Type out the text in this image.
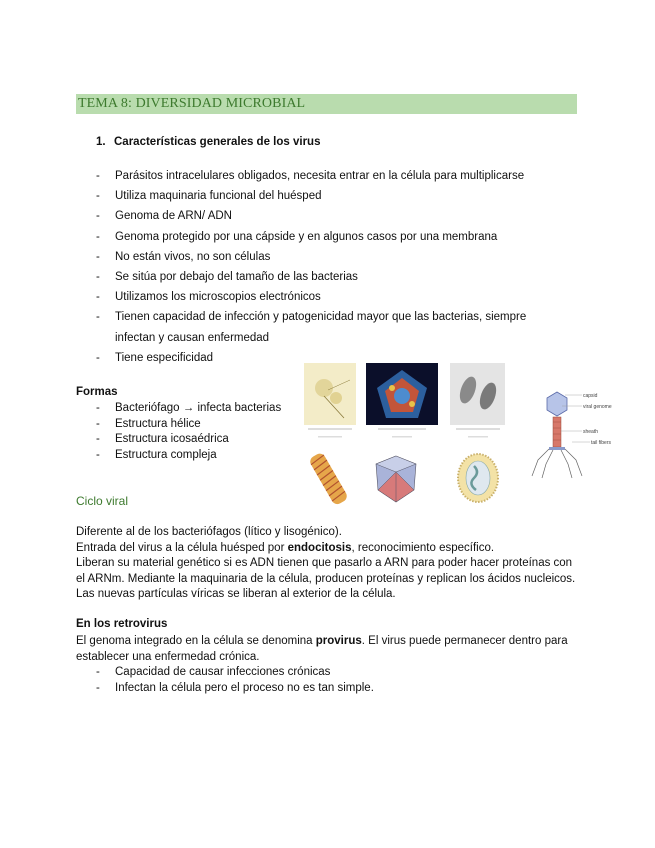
TEMA 8: DIVERSIDAD MICROBIAL
1. Características generales de los virus
- Parásitos intracelulares obligados, necesita entrar en la célula para multiplicarse
- Utiliza maquinaria funcional del huésped
- Genoma de ARN/ ADN
- Genoma protegido por una cápside y en algunos casos por una membrana
- No están vivos, no son células
- Se sitúa por debajo del tamaño de las bacterias
- Utilizamos los microscopios electrónicos
- Tienen capacidad de infección y patogenicidad mayor que las bacterias, siempre infectan y causan enfermedad
- Tiene especificidad
Formas
- Bacteriófago → infecta bacterias
- Estructura hélice
- Estructura icosaédrica
- Estructura compleja
capsid
viral genome
sheath
tail fibers
Ciclo viral
Diferente al de los bacteriófagos (lítico y lisogénico).
Entrada del virus a la célula huésped por endocitosis, reconocimiento específico.
Liberan su material genético si es ADN tienen que pasarlo a ARN para poder hacer proteínas con el ARNm. Mediante la maquinaria de la célula, producen proteínas y replican los ácidos nucleicos. Las nuevas partículas víricas se liberan al exterior de la célula.
En los retrovirus
El genoma integrado en la célula se denomina provirus. El virus puede permanecer dentro para establecer una enfermedad crónica.
- Capacidad de causar infecciones crónicas
- Infectan la célula pero el proceso no es tan simple.
